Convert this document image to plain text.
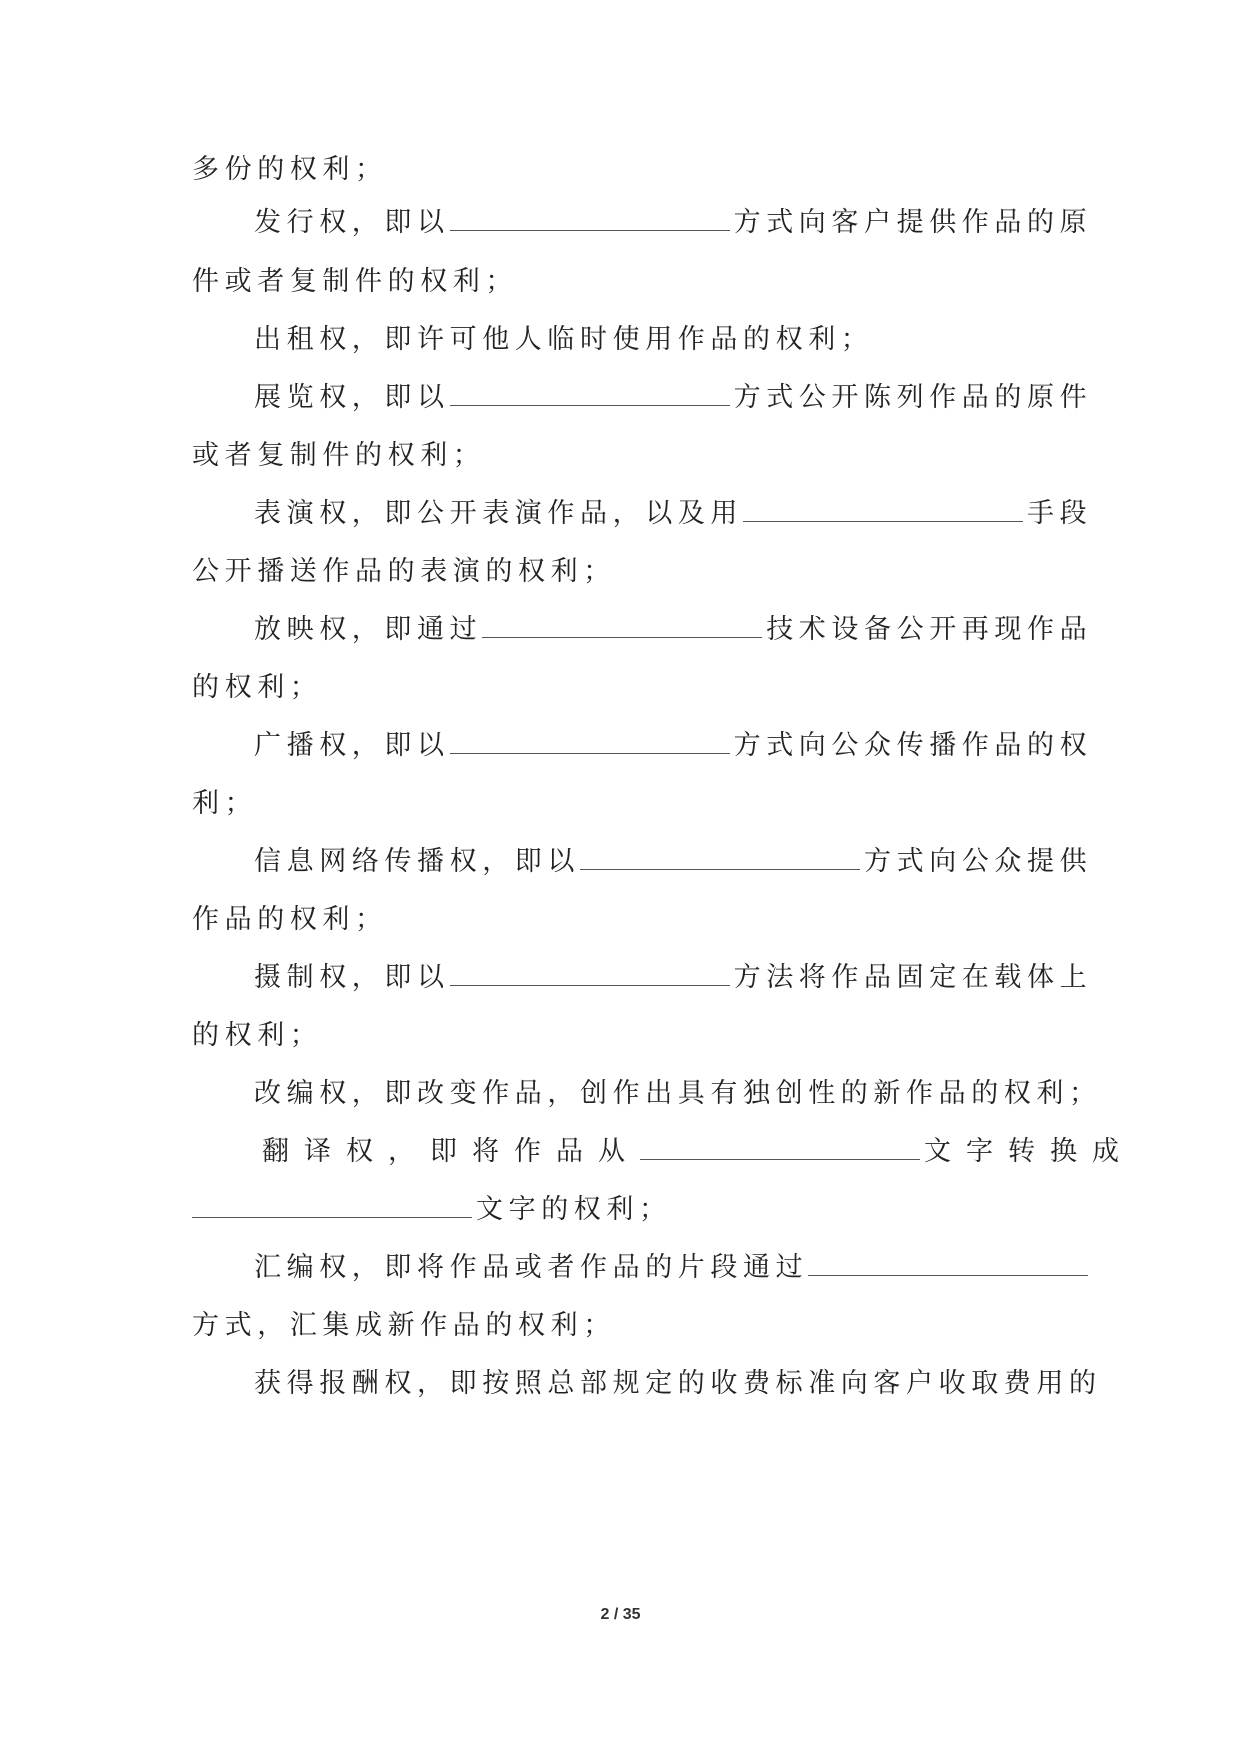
多份的权利；
发行权，即以	方式向客户提供作品的原
件或者复制件的权利；
出租权，即许可他人临时使用作品的权利；
展览权，即以	方式公开陈列作品的原件
或者复制件的权利；
表演权，即公开表演作品，以及用	手段
公开播送作品的表演的权利；
放映权，即通过	技术设备公开再现作品
的权利；
广播权，即以	方式向公众传播作品的权
利；
信息网络传播权，即以	方式向公众提供
作品的权利；
摄制权，即以	方法将作品固定在载体上
的权利；
改编权，即改变作品，创作出具有独创性的新作品的权利；
翻译权，即将作品从	文字转换成
文字的权利；
汇编权，即将作品或者作品的片段通过
方式，汇集成新作品的权利；
获得报酬权，即按照总部规定的收费标准向客户收取费用的
2 / 35
